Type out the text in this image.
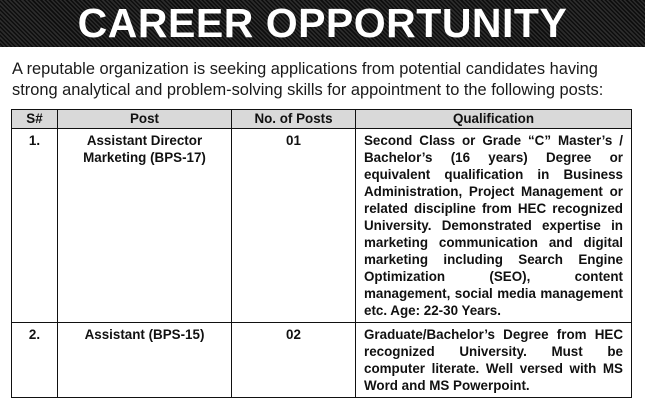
CAREER OPPORTUNITY
A reputable organization is seeking applications from potential candidates having strong analytical and problem-solving skills for appointment to the following posts:
S#	Post	No. of Posts	Qualification
1.	Assistant Director Marketing (BPS-17)	01	Second Class or Grade “C” Master’s / Bachelor’s (16 years) Degree or equivalent qualification in Business Administration, Project Management or related discipline from HEC recognized University. Demonstrated expertise in marketing communication and digital marketing including Search Engine Optimization (SEO), content management, social media management etc. Age: 22-30 Years.
2.	Assistant (BPS-15)	02	Graduate/Bachelor’s Degree from HEC recognized University. Must be computer literate. Well versed with MS Word and MS Powerpoint.
